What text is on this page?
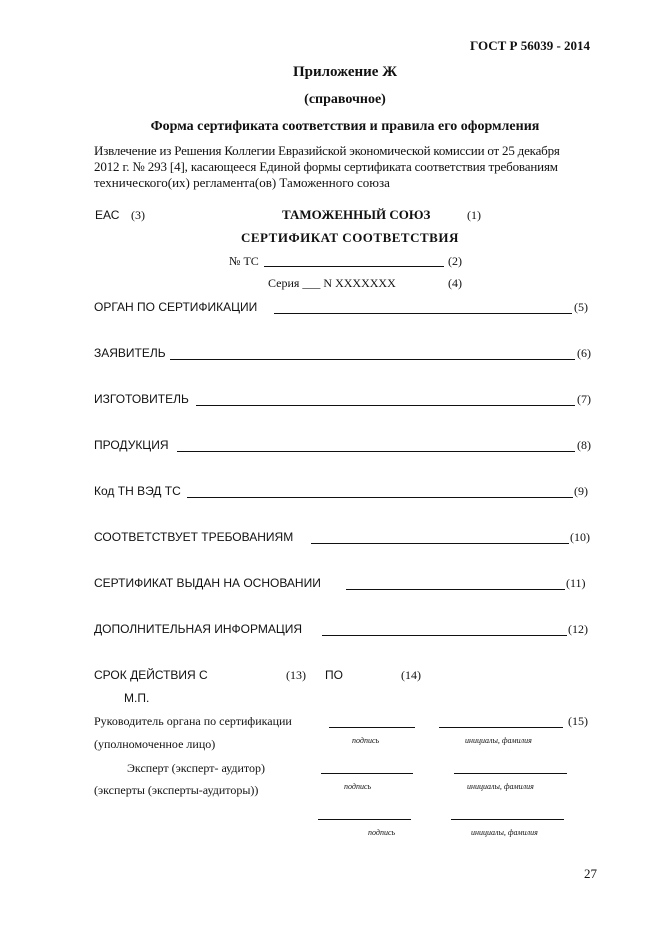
ГОСТ Р 56039 - 2014
Приложение Ж
(справочное)
Форма сертификата соответствия и правила его оформления
Извлечение из Решения Коллегии Евразийской экономической комиссии от 25 декабря
2012 г. № 293 [4], касающееся Единой формы сертификата соответствия требованиям
технического(их) регламента(ов) Таможенного союза
ЕАС (3)	ТАМОЖЕННЫЙ СОЮЗ	(1)
СЕРТИФИКАТ СООТВЕТСТВИЯ
№ ТС	(2)
Серия ___ N XXXXXXX	(4)
ОРГАН ПО СЕРТИФИКАЦИИ	(5)
ЗАЯВИТЕЛЬ	(6)
ИЗГОТОВИТЕЛЬ	(7)
ПРОДУКЦИЯ	(8)
Код ТН ВЭД ТС	(9)
СООТВЕТСТВУЕТ ТРЕБОВАНИЯМ	(10)
СЕРТИФИКАТ ВЫДАН НА ОСНОВАНИИ	(11)
ДОПОЛНИТЕЛЬНАЯ ИНФОРМАЦИЯ	(12)
СРОК ДЕЙСТВИЯ С	(13) ПО	(14)
М.П.
Руководитель органа по сертификации	(15)
(уполномоченное лицо)	подпись	инициалы, фамилия
Эксперт (эксперт- аудитор)
(эксперты (эксперты-аудиторы))	подпись	инициалы, фамилия
подпись	инициалы, фамилия
27
